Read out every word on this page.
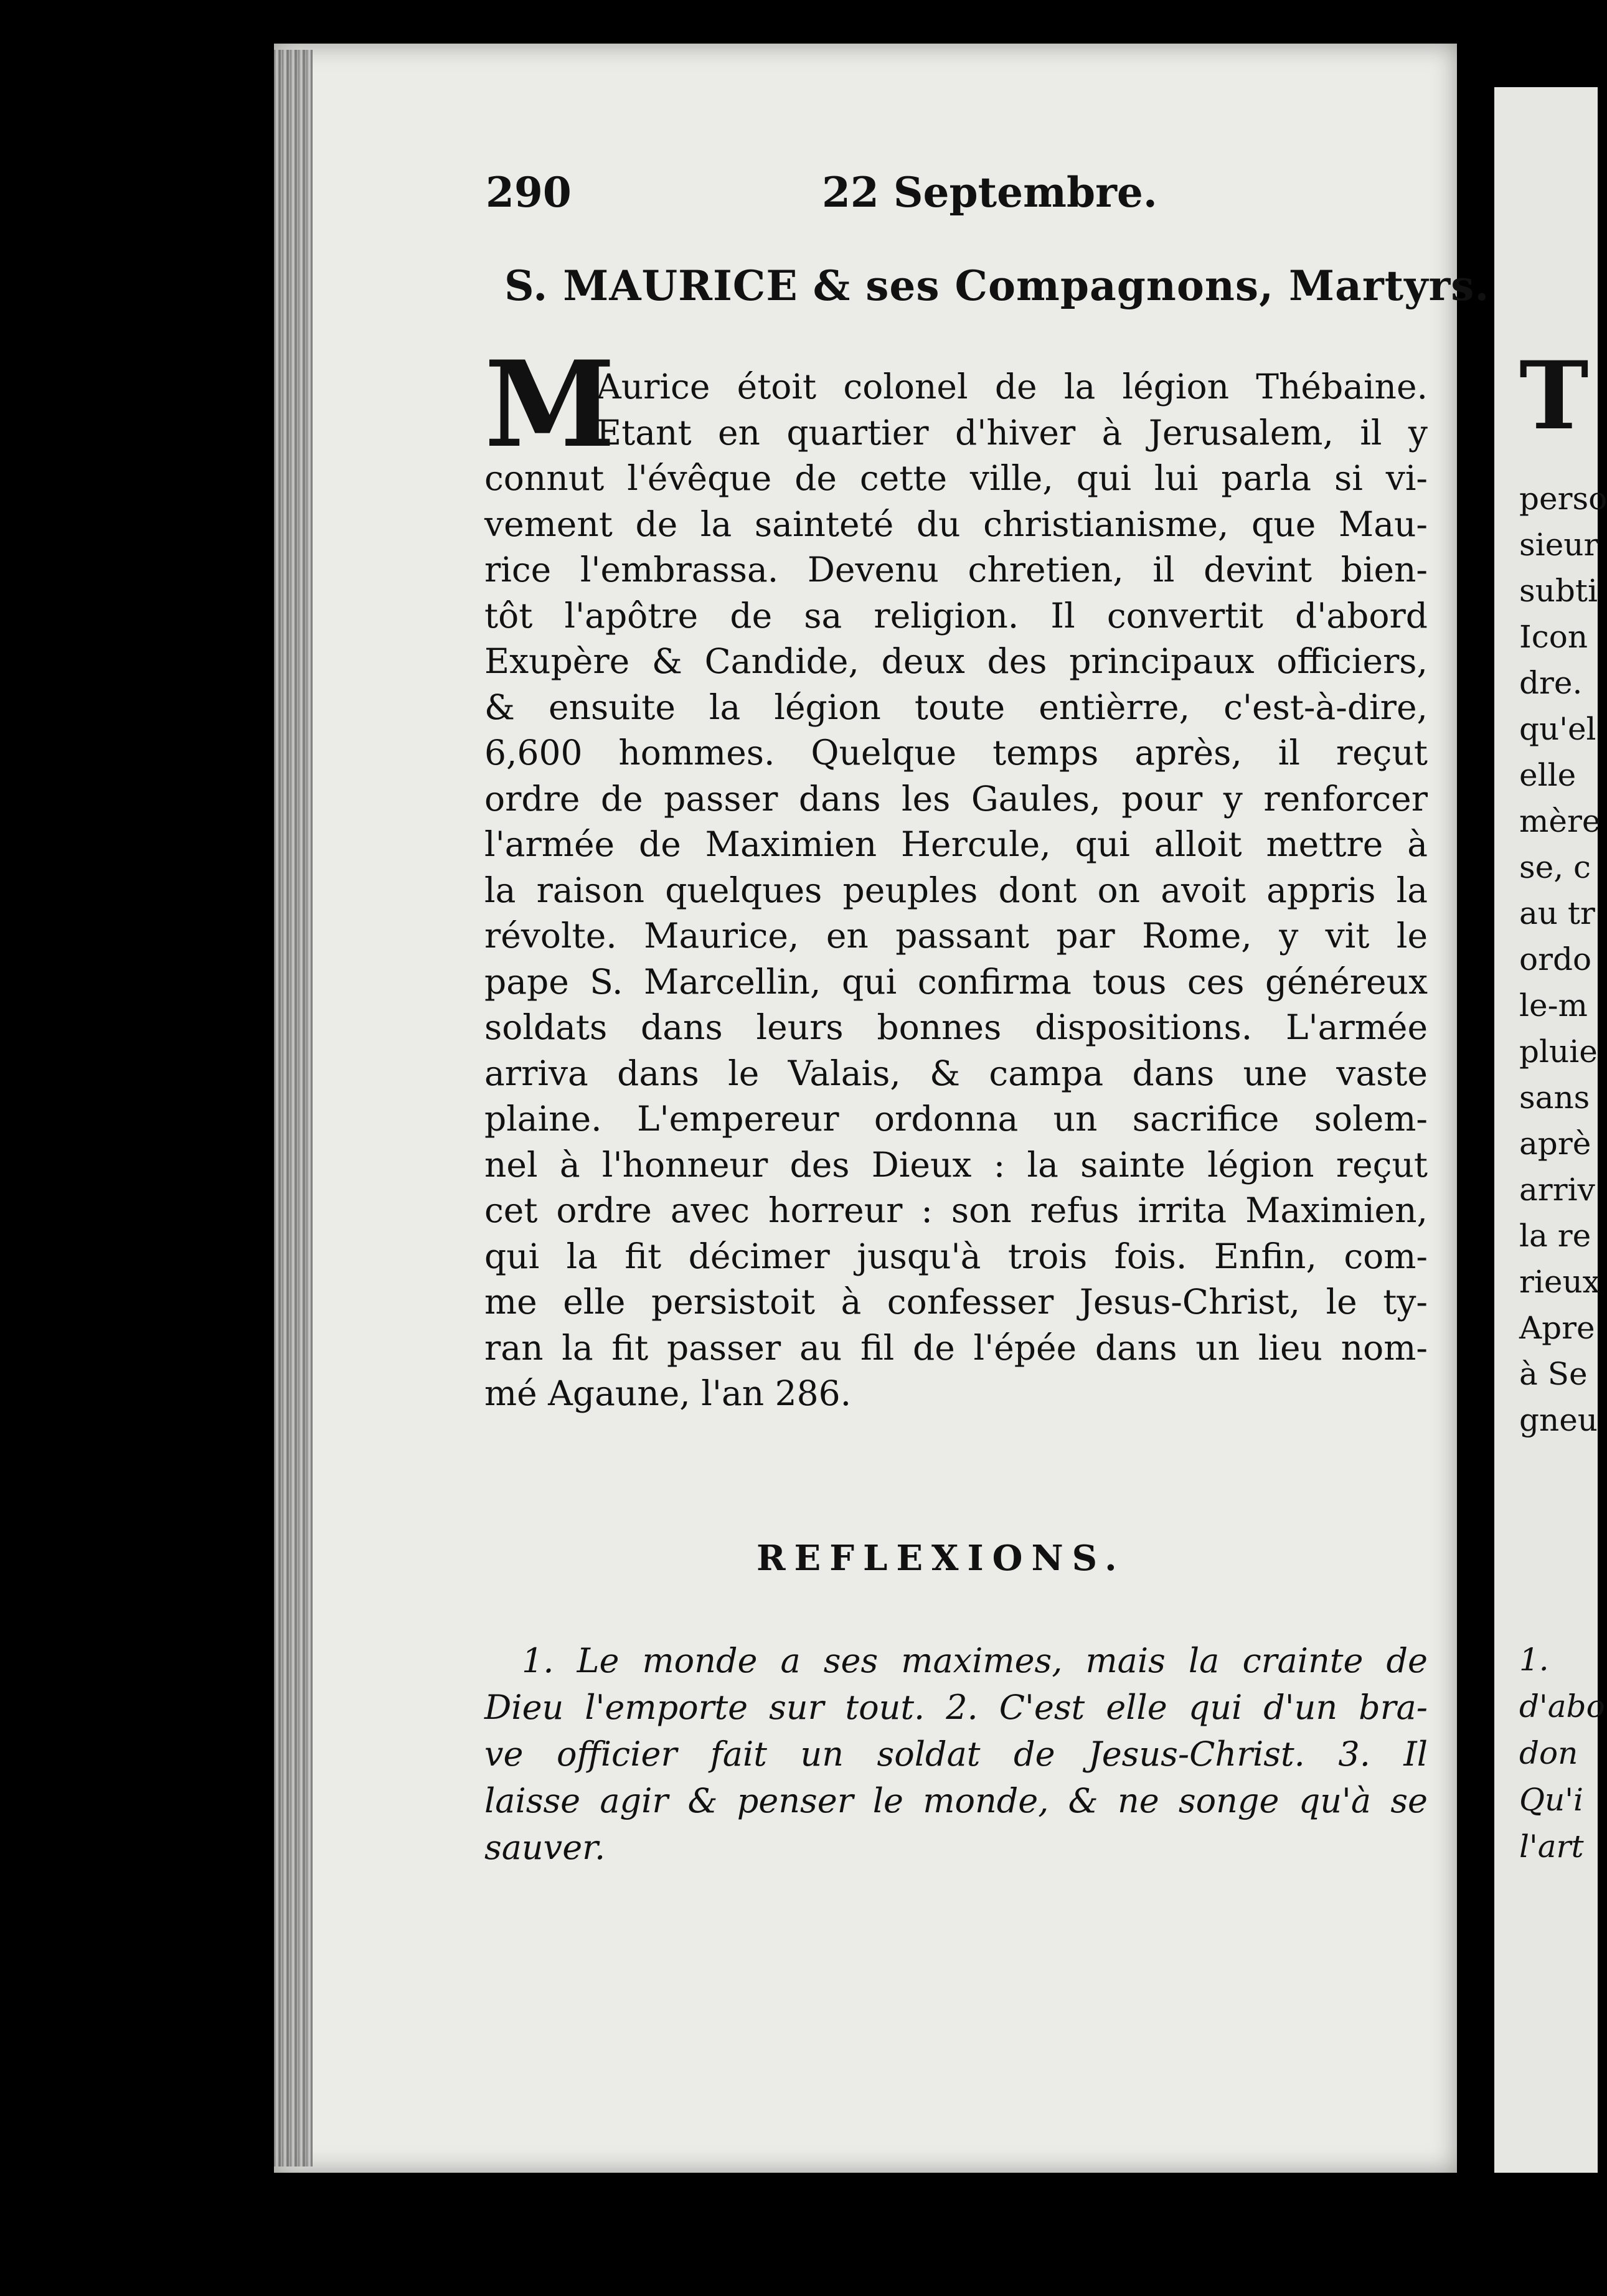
290	22 Septembre.
S. MAURICE & ses Compagnons, Martyrs.
M
Aurice étoit colonel de la légion Thébaine.
Etant en quartier d'hiver à Jerusalem, il y
connut l'évêque de cette ville, qui lui parla si vi-
vement de la sainteté du christianisme, que Mau-
rice l'embrassa. Devenu chretien, il devint bien-
tôt l'apôtre de sa religion. Il convertit d'abord
Exupère & Candide, deux des principaux officiers,
& ensuite la légion toute entièrre, c'est-à-dire,
6,600 hommes. Quelque temps après, il reçut
ordre de passer dans les Gaules, pour y renforcer
l'armée de Maximien Hercule, qui alloit mettre à
la raison quelques peuples dont on avoit appris la
révolte. Maurice, en passant par Rome, y vit le
pape S. Marcellin, qui confirma tous ces généreux
soldats dans leurs bonnes dispositions. L'armée
arriva dans le Valais, & campa dans une vaste
plaine. L'empereur ordonna un sacrifice solem-
nel à l'honneur des Dieux : la sainte légion reçut
cet ordre avec horreur : son refus irrita Maximien,
qui la fit décimer jusqu'à trois fois. Enfin, com-
me elle persistoit à confesser Jesus-Christ, le ty-
ran la fit passer au fil de l'épée dans un lieu nom-
mé Agaune, l'an 286.
REFLEXIONS.
1. Le monde a ses maximes, mais la crainte de
Dieu l'emporte sur tout. 2. C'est elle qui d'un bra-
ve officier fait un soldat de Jesus-Christ. 3. Il
laisse agir & penser le monde, & ne songe qu'à se
sauver.
T
perso
sieur
subti
Icon
dre.
qu'el
elle
mère
se, c
au tr
ordo
le-m
pluie
sans
aprè
arriv
la re
rieux
Apre
à Se
gneu
1.
d'abo
don
Qu'i
l'art
